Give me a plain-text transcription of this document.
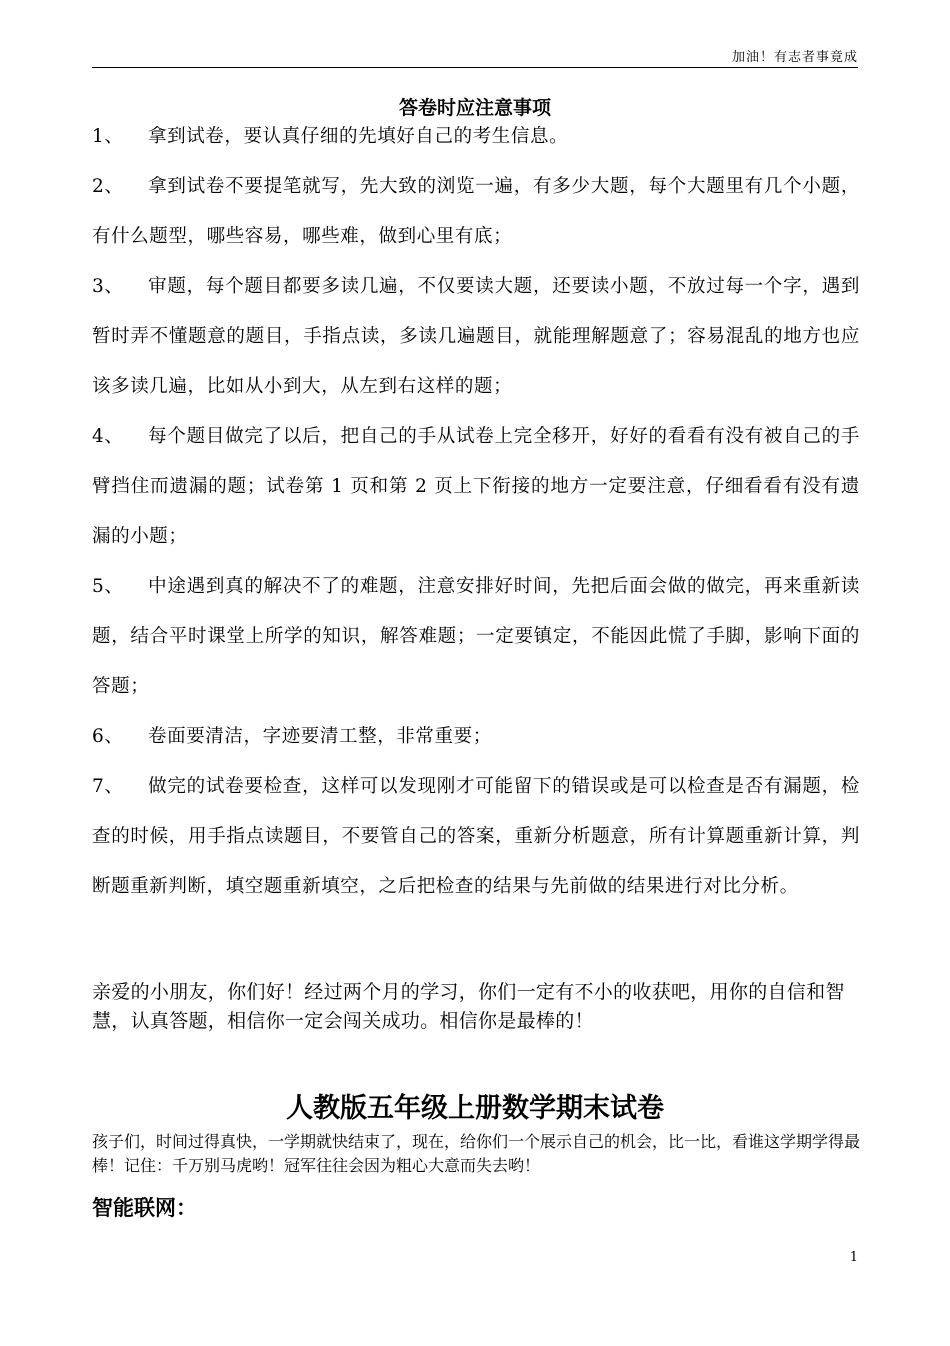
加油！有志者事竟成
答卷时应注意事项

1、 拿到试卷，要认真仔细的先填好自己的考生信息。

2、 拿到试卷不要提笔就写，先大致的浏览一遍，有多少大题，每个大题里有几个小题，有什么题型，哪些容易，哪些难，做到心里有底；

3、 审题，每个题目都要多读几遍，不仅要读大题，还要读小题，不放过每一个字，遇到暂时弄不懂题意的题目，手指点读，多读几遍题目，就能理解题意了；容易混乱的地方也应该多读几遍，比如从小到大，从左到右这样的题；

4、 每个题目做完了以后，把自己的手从试卷上完全移开，好好的看看有没有被自己的手臂挡住而遗漏的题；试卷第 1 页和第 2 页上下衔接的地方一定要注意，仔细看看有没有遗漏的小题；

5、 中途遇到真的解决不了的难题，注意安排好时间，先把后面会做的做完，再来重新读题，结合平时课堂上所学的知识，解答难题；一定要镇定，不能因此慌了手脚，影响下面的答题；

6、 卷面要清洁，字迹要清工整，非常重要；

7、 做完的试卷要检查，这样可以发现刚才可能留下的错误或是可以检查是否有漏题，检查的时候，用手指点读题目，不要管自己的答案，重新分析题意，所有计算题重新计算，判断题重新判断，填空题重新填空，之后把检查的结果与先前做的结果进行对比分析。

亲爱的小朋友，你们好！经过两个月的学习，你们一定有不小的收获吧，用你的自信和智慧，认真答题，相信你一定会闯关成功。相信你是最棒的！
人教版五年级上册数学期末试卷
孩子们，时间过得真快，一学期就快结束了，现在，给你们一个展示自己的机会，比一比，看谁这学期学得最棒！记住：千万别马虎哟！冠军往往会因为粗心大意而失去哟！
智能联网：
1
